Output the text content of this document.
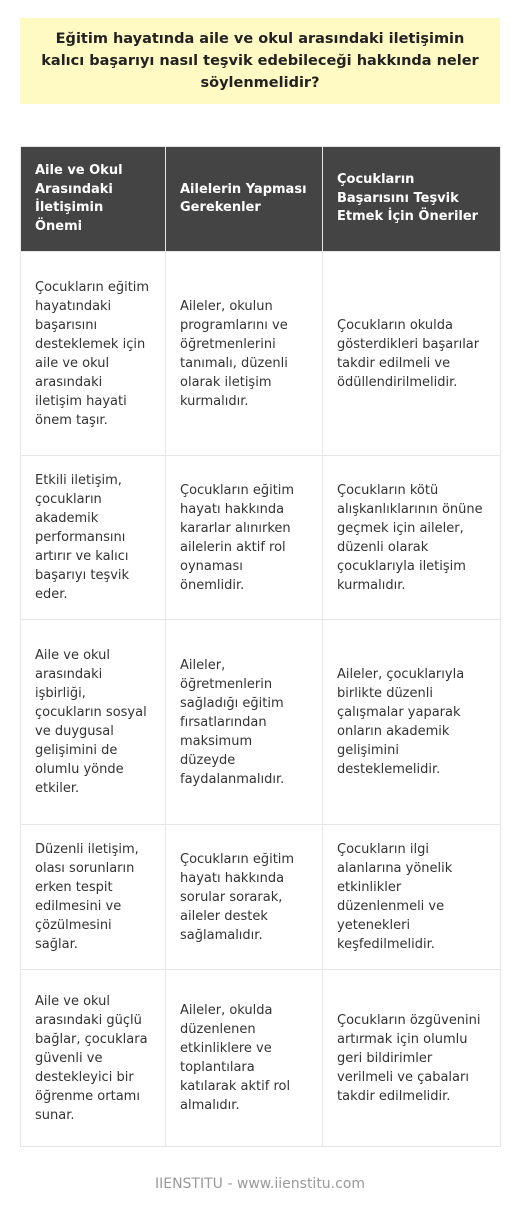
Eğitim hayatında aile ve okul arasındaki iletişimin kalıcı başarıyı nasıl teşvik edebileceği hakkında neler söylenmelidir?
Aile ve Okul Arasındaki İletişimin Önemi	Ailelerin Yapması Gerekenler	Çocukların Başarısını Teşvik Etmek İçin Öneriler
Çocukların eğitim hayatındaki başarısını desteklemek için aile ve okul arasındaki iletişim hayati önem taşır.	Aileler, okulun programlarını ve öğretmenlerini tanımalı, düzenli olarak iletişim kurmalıdır.	Çocukların okulda gösterdikleri başarılar takdir edilmeli ve ödüllendirilmelidir.
Etkili iletişim, çocukların akademik performansını artırır ve kalıcı başarıyı teşvik eder.	Çocukların eğitim hayatı hakkında kararlar alınırken ailelerin aktif rol oynaması önemlidir.	Çocukların kötü alışkanlıklarının önüne geçmek için aileler, düzenli olarak çocuklarıyla iletişim kurmalıdır.
Aile ve okul arasındaki işbirliği, çocukların sosyal ve duygusal gelişimini de olumlu yönde etkiler.	Aileler, öğretmenlerin sağladığı eğitim fırsatlarından maksimum düzeyde faydalanmalıdır.	Aileler, çocuklarıyla birlikte düzenli çalışmalar yaparak onların akademik gelişimini desteklemelidir.
Düzenli iletişim, olası sorunların erken tespit edilmesini ve çözülmesini sağlar.	Çocukların eğitim hayatı hakkında sorular sorarak, aileler destek sağlamalıdır.	Çocukların ilgi alanlarına yönelik etkinlikler düzenlenmeli ve yetenekleri keşfedilmelidir.
Aile ve okul arasındaki güçlü bağlar, çocuklara güvenli ve destekleyici bir öğrenme ortamı sunar.	Aileler, okulda düzenlenen etkinliklere ve toplantılara katılarak aktif rol almalıdır.	Çocukların özgüvenini artırmak için olumlu geri bildirimler verilmeli ve çabaları takdir edilmelidir.
IIENSTITU - www.iienstitu.com
